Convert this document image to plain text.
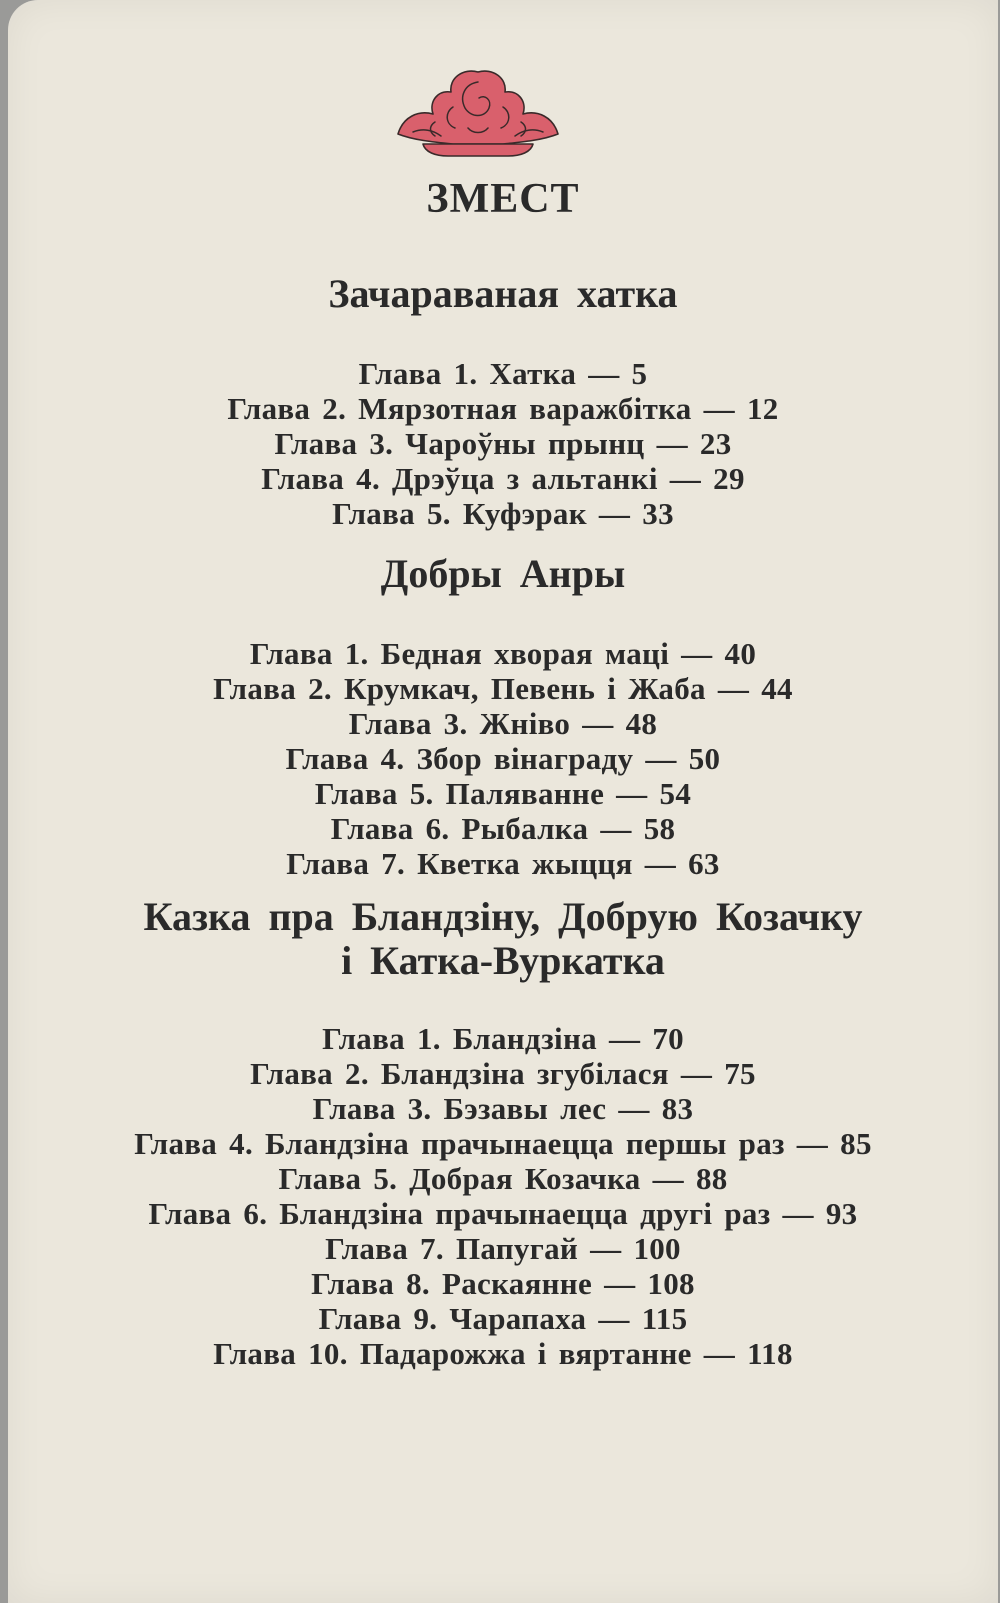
ЗМЕСТ
Зачараваная хатка
Глава 1. Хатка — 5
Глава 2. Мярзотная варажбітка — 12
Глава 3. Чароўны прынц — 23
Глава 4. Дрэўца з альтанкі — 29
Глава 5. Куфэрак — 33
Добры Анры
Глава 1. Бедная хворая маці — 40
Глава 2. Крумкач, Певень і Жаба — 44
Глава 3. Жніво — 48
Глава 4. Збор вінаграду — 50
Глава 5. Паляванне — 54
Глава 6. Рыбалка — 58
Глава 7. Кветка жыцця — 63
Казка пра Бландзіну, Добрую Козачку
і Катка-Вуркатка
Глава 1. Бландзіна — 70
Глава 2. Бландзіна згубілася — 75
Глава 3. Бэзавы лес — 83
Глава 4. Бландзіна прачынаецца першы раз — 85
Глава 5. Добрая Козачка — 88
Глава 6. Бландзіна прачынаецца другі раз — 93
Глава 7. Папугай — 100
Глава 8. Раскаянне — 108
Глава 9. Чарапаха — 115
Глава 10. Падарожжа і вяртанне — 118
